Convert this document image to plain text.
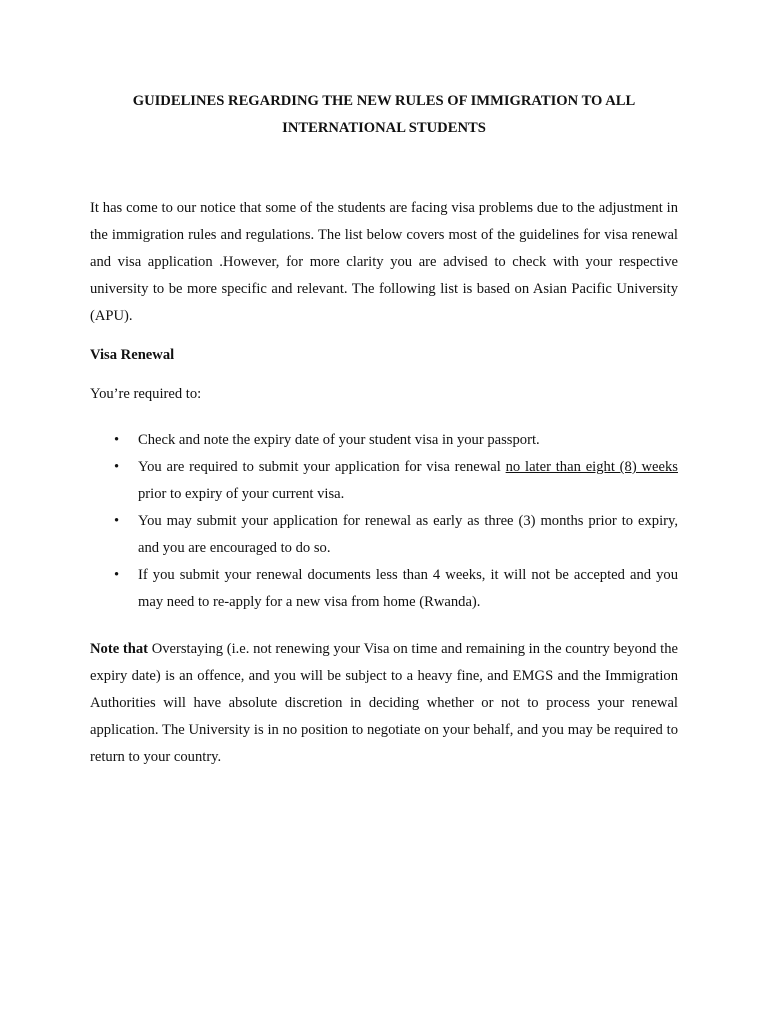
GUIDELINES REGARDING THE NEW RULES OF IMMIGRATION TO ALL
INTERNATIONAL STUDENTS

It has come to our notice that some of the students are facing visa problems due to the adjustment in the immigration rules and regulations. The list below covers most of the guidelines for visa renewal and visa application .However, for more clarity you are advised to check with your respective university to be more specific and relevant. The following list is based on Asian Pacific University (APU).

Visa Renewal

You’re required to:

• Check and note the expiry date of your student visa in your passport.
• You are required to submit your application for visa renewal no later than eight (8) weeks prior to expiry of your current visa.
• You may submit your application for renewal as early as three (3) months prior to expiry, and you are encouraged to do so.
• If you submit your renewal documents less than 4 weeks, it will not be accepted and you may need to re-apply for a new visa from home (Rwanda).

Note that Overstaying (i.e. not renewing your Visa on time and remaining in the country beyond the expiry date) is an offence, and you will be subject to a heavy fine, and EMGS and the Immigration Authorities will have absolute discretion in deciding whether or not to process your renewal application. The University is in no position to negotiate on your behalf, and you may be required to return to your country.
